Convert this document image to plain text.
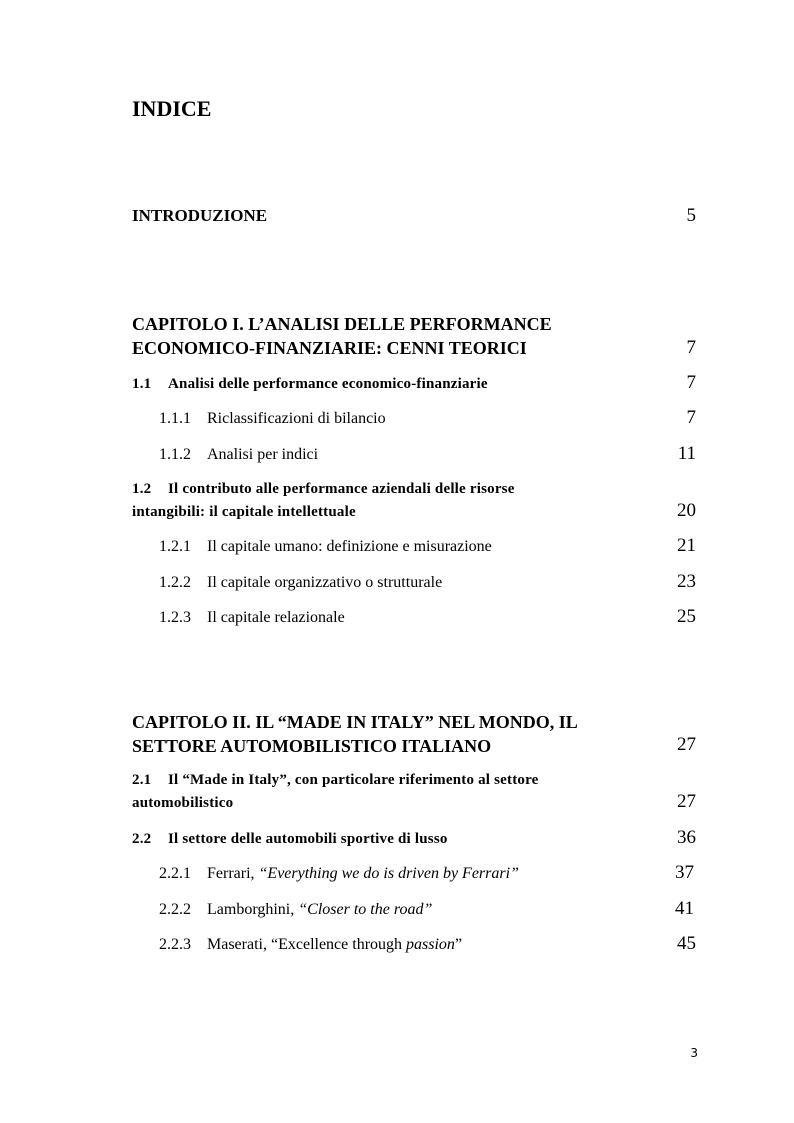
INDICE
INTRODUZIONE	5
CAPITOLO I. L’ANALISI DELLE PERFORMANCE
ECONOMICO-FINANZIARIE: CENNI TEORICI	7
1.1 Analisi delle performance economico-finanziarie	7
1.1.1 Riclassificazioni di bilancio	7
1.1.2 Analisi per indici	11
1.2 Il contributo alle performance aziendali delle risorse
intangibili: il capitale intellettuale	20
1.2.1 Il capitale umano: definizione e misurazione	21
1.2.2 Il capitale organizzativo o strutturale	23
1.2.3 Il capitale relazionale	25
CAPITOLO II. IL “MADE IN ITALY” NEL MONDO, IL
SETTORE AUTOMOBILISTICO ITALIANO	27
2.1 Il “Made in Italy”, con particolare riferimento al settore
automobilistico	27
2.2 Il settore delle automobili sportive di lusso	36
2.2.1 Ferrari, “Everything we do is driven by Ferrari”	37
2.2.2 Lamborghini, “Closer to the road”	41
2.2.3 Maserati, “Excellence through passion”	45
3
